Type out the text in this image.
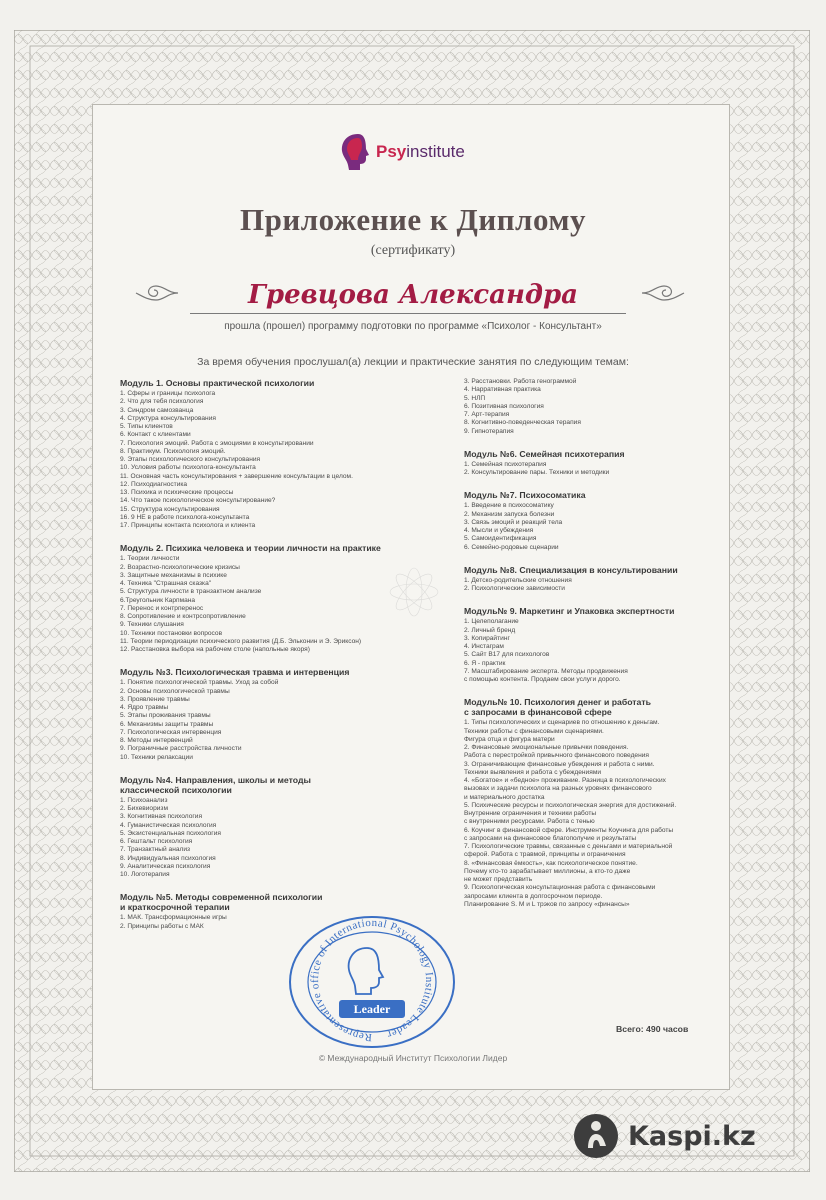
Psyinstitute
Приложение к Диплому
(сертификату)
Гревцова Александра
прошла (прошел) программу подготовки по программе «Психолог - Консультант»
За время обучения прослушал(а) лекции и практические занятия по следующим темам:
Модуль 1. Основы практической психологии
1. Сферы и границы психолога
2. Что для тебя психология
3. Синдром самозванца
4. Структура консультирования
5. Типы клиентов
6. Контакт с клиентами
7. Психология эмоций. Работа с эмоциями в консультировании
8. Практикум. Психология эмоций.
9. Этапы психологического консультирования
10. Условия работы психолога-консультанта
11. Основная часть консультирования + завершение консультации в целом.
12. Психодиагностика
13. Психика и психические процессы
14. Что такое психологическое консультирование?
15. Структура консультирования
16. 9 НЕ в работе психолога-консультанта
17. Принципы контакта психолога и клиента
Модуль 2. Психика человека и теории личности на практике
1. Теории личности
2. Возрастно-психологические кризисы
3. Защитные механизмы в психике
4. Техника "Страшная сказка"
5. Структура личности в транзактном анализе
6.Треугольник Карпмана
7. Перенос и контрперенос
8. Сопротивление и контрсопротивление
9. Техники слушания
10. Техники постановки вопросов
11. Теории периодизации психического развития (Д.Б. Эльконин и Э. Эриксон)
12. Расстановка выбора на рабочем столе (напольные якоря)
Модуль №3. Психологическая травма и интервенция
1. Понятие психологической травмы. Уход за собой
2. Основы психологической травмы
3. Проявление травмы
4. Ядро травмы
5. Этапы проживания травмы
6. Механизмы защиты травмы
7. Психологическая интервенция
8. Методы интервенций
9. Пограничные расстройства личности
10. Техники релаксации
Модуль №4. Направления, школы и методы
классической психологии
1. Психоанализ
2. Бихевиоризм
3. Когнитивная психология
4. Гуманистическая психология
5. Экзистенциальная психология
6. Гештальт психология
7. Транзактный анализ
8. Индивидуальная психология
9. Аналитическая психология
10. Логотерапия
Модуль №5. Методы современной психологии
и краткосрочной терапии
1. МАК. Трансформационные игры
2. Принципы работы с МАК
3. Расстановки. Работа генограммой
4. Нарративная практика
5. НЛП
6. Позитивная психология
7. Арт-терапия
8. Когнитивно-поведенческая терапия
9. Гипнотерапия
Модуль №6. Семейная психотерапия
1. Семейная психотерапия
2. Консультирование пары. Техники и методики
Модуль №7. Психосоматика
1. Введение в психосоматику
2. Механизм запуска болезни
3. Связь эмоций и реакций тела
4. Мысли и убеждения
5. Самоидентификация
6. Семейно-родовые сценарии
Модуль №8. Специализация в консультировании
1. Детско-родительские отношения
2. Психологические зависимости
Модуль№ 9. Маркетинг и Упаковка экспертности
1. Целеполагание
2. Личный бренд
3. Копирайтинг
4. Инстаграм
5. Сайт B17 для психологов
6. Я - практик
7. Масштабирование эксперта. Методы продвижения
с помощью контента. Продаем свои услуги дорого.
Модуль№ 10. Психология денег и работать
с запросами в финансовой сфере
1. Типы психологических и сценариев по отношению к деньгам.
Техники работы с финансовыми сценариями.
Фигура отца и фигура матери
2. Финансовые эмоциональные привычки поведения.
Работа с перестройкой привычного финансового поведения
3. Ограничивающие финансовые убеждения и работа с ними.
Техники выявления и работа с убеждениями
4. «Богатое» и «бедное» проживание. Разница в психологических
вызовах и задачи психолога на разных уровнях финансового
и материального достатка
5. Психические ресурсы и психологическая энергия для достижений.
Внутренние ограничения и техники работы
с внутренними ресурсами. Работа с тенью
6. Коучинг в финансовой сфере. Инструменты Коучинга для работы
с запросами на финансовое благополучие и результаты
7. Психологические травмы, связанные с деньгами и материальной
сферой. Работа с травмой, принципы и ограничения
8. «Финансовая ёмкость», как психологическое понятие.
Почему кто-то зарабатывает миллионы, а кто-то даже
не может представить
9. Психологическая консультационная работа с финансовыми
запросами клиента в долгосрочном периоде.
Планирование S. M и L трэков по запросу «финансы»
Всего: 490 часов
Representative office of International Psychology Institute Leader
Leader
© Международный Институт Психологии Лидер
Kaspi.kz
